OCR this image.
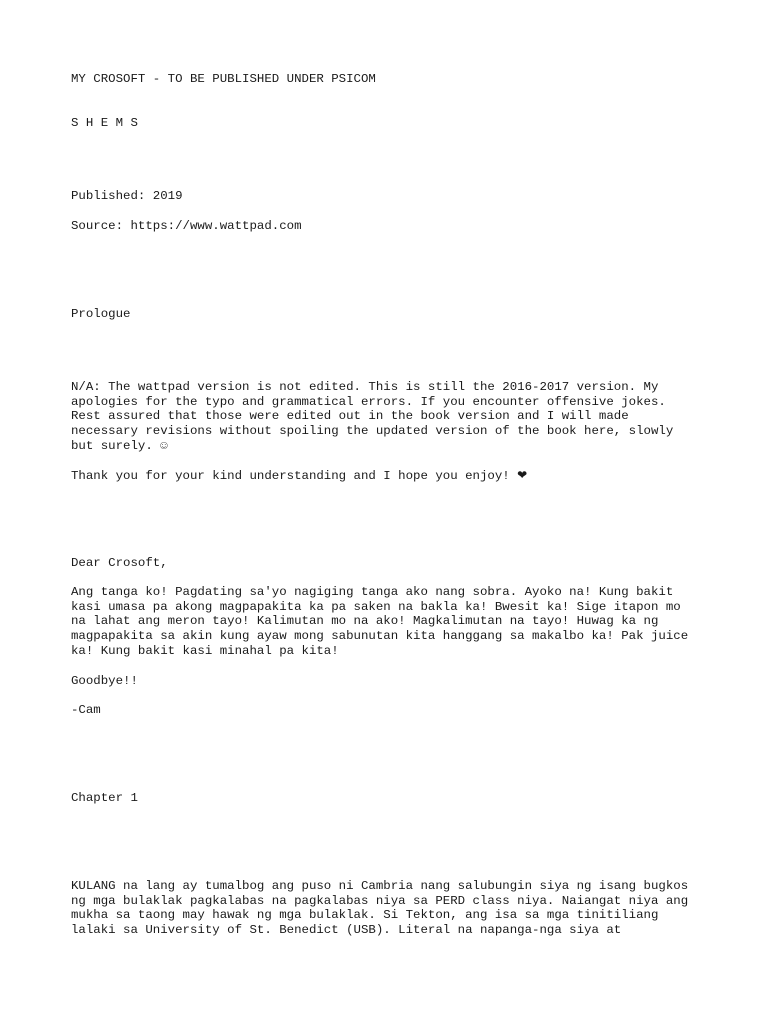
MY CROSOFT - TO BE PUBLISHED UNDER PSICOM

S H E M S

Published: 2019

Source: https://www.wattpad.com

Prologue

N/A: The wattpad version is not edited. This is still the 2016-2017 version. My
apologies for the typo and grammatical errors. If you encounter offensive jokes.
Rest assured that those were edited out in the book version and I will made
necessary revisions without spoiling the updated version of the book here, slowly
but surely. ☺

Thank you for your kind understanding and I hope you enjoy! ❤

Dear Crosoft,

Ang tanga ko! Pagdating sa'yo nagiging tanga ako nang sobra. Ayoko na! Kung bakit
kasi umasa pa akong magpapakita ka pa saken na bakla ka! Bwesit ka! Sige itapon mo
na lahat ang meron tayo! Kalimutan mo na ako! Magkalimutan na tayo! Huwag ka ng
magpapakita sa akin kung ayaw mong sabunutan kita hanggang sa makalbo ka! Pak juice
ka! Kung bakit kasi minahal pa kita!

Goodbye!!

-Cam

Chapter 1

KULANG na lang ay tumalbog ang puso ni Cambria nang salubungin siya ng isang bugkos
ng mga bulaklak pagkalabas na pagkalabas niya sa PERD class niya. Naiangat niya ang
mukha sa taong may hawak ng mga bulaklak. Si Tekton, ang isa sa mga tinitiliang
lalaki sa University of St. Benedict (USB). Literal na napanga-nga siya at
